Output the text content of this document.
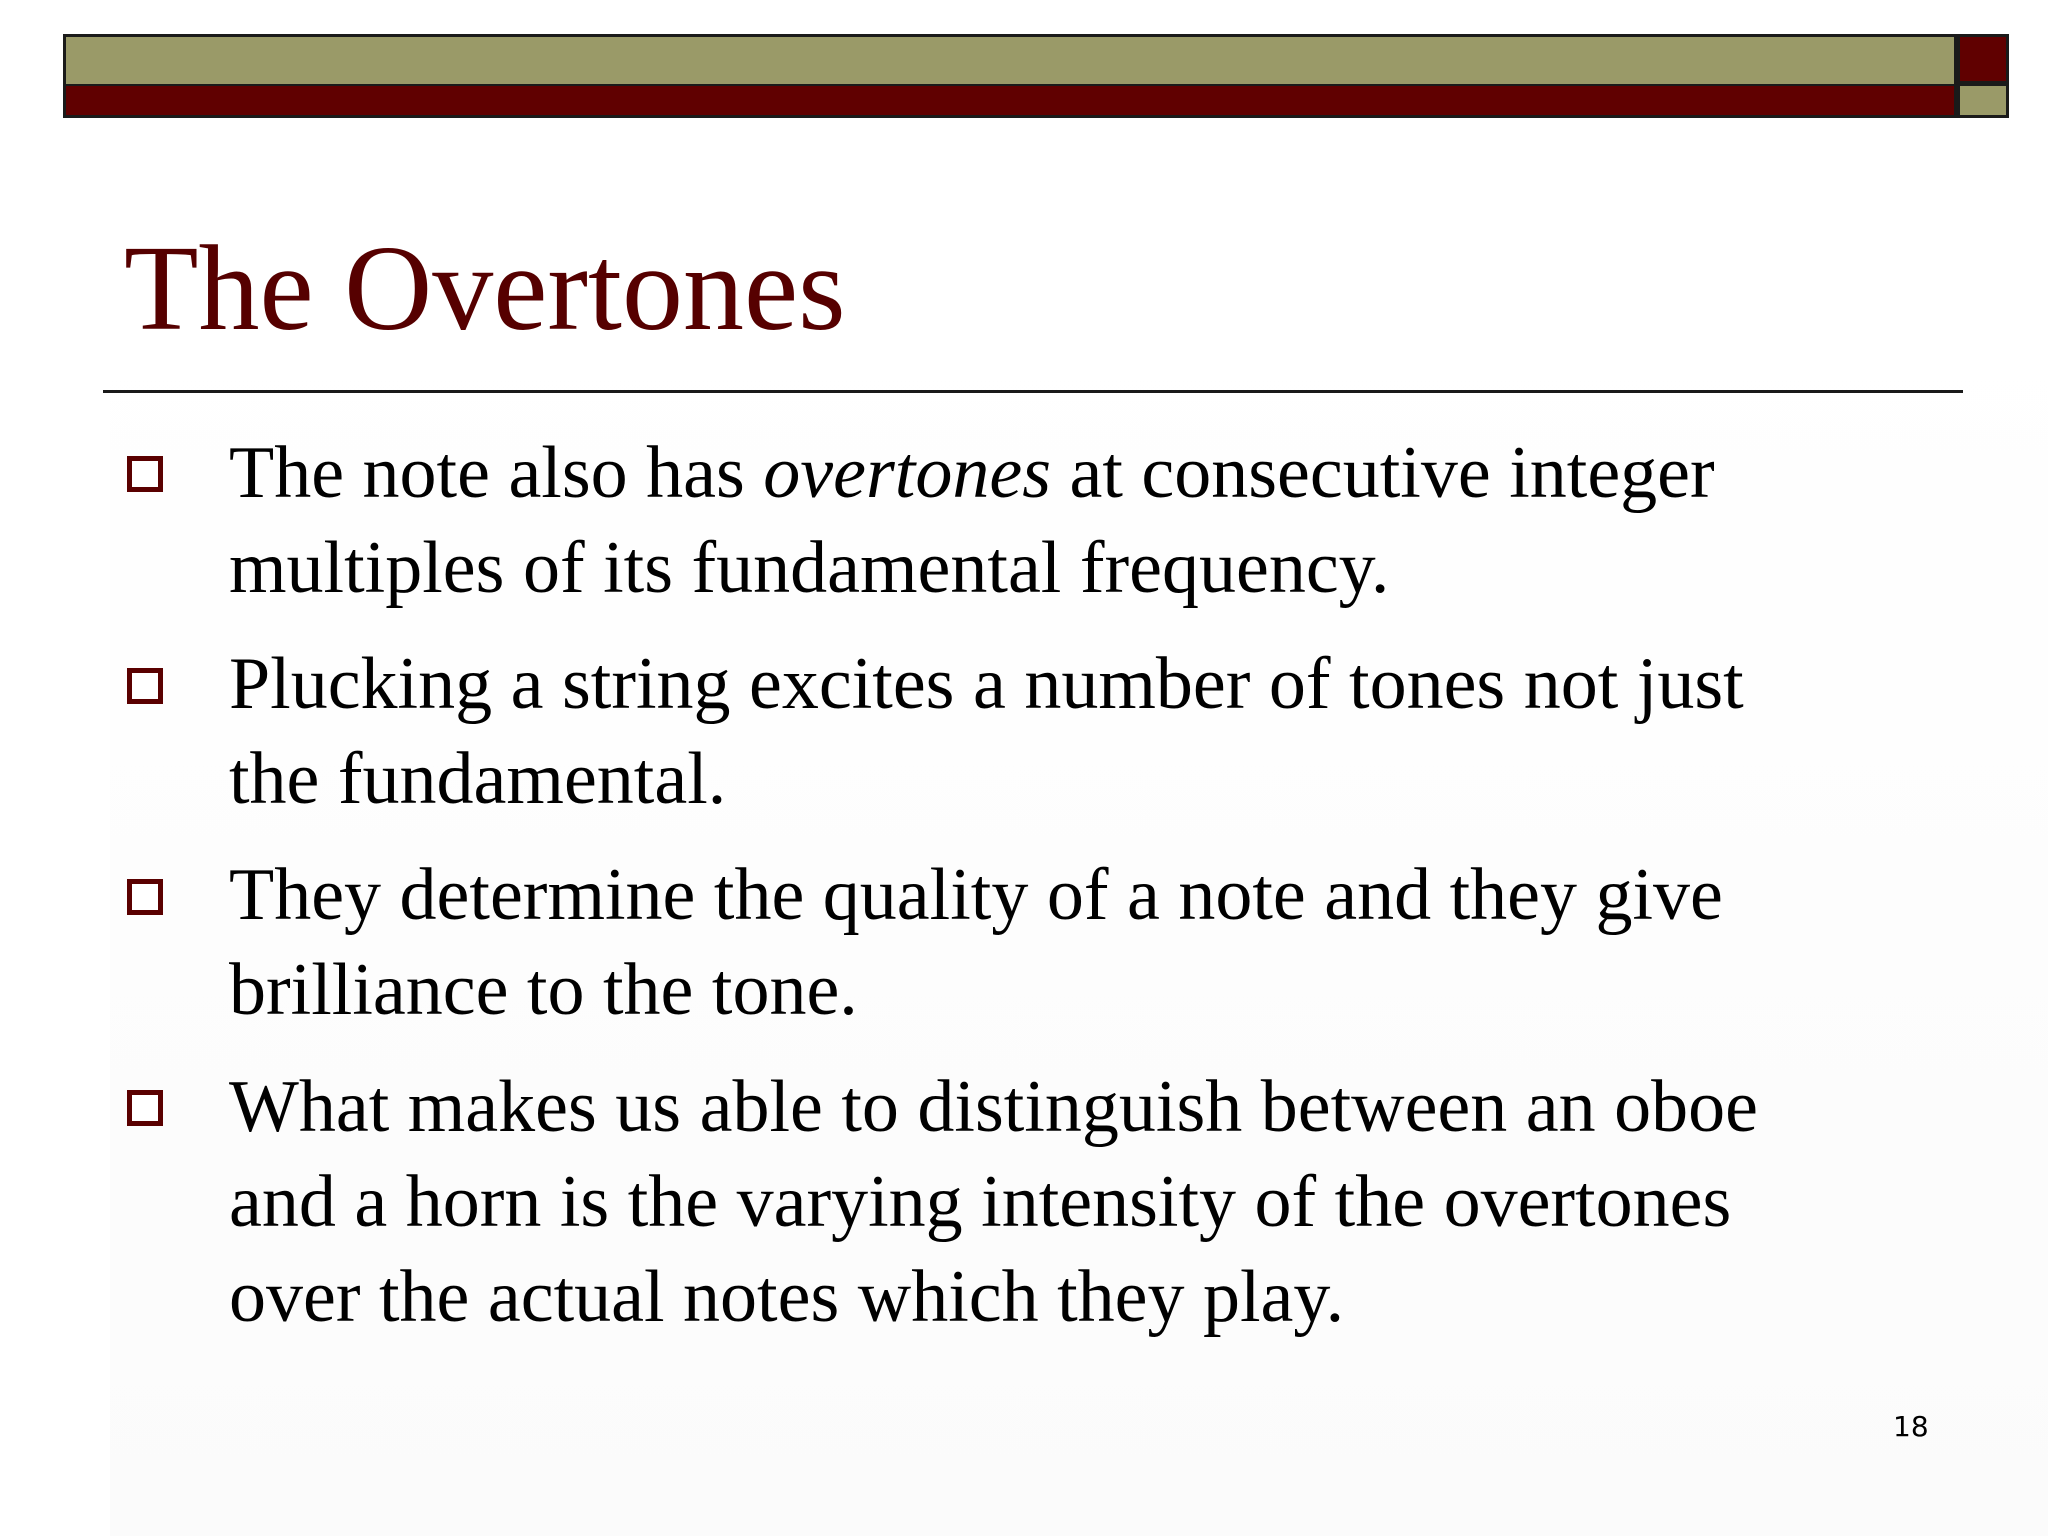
The Overtones
The note also has overtones at consecutive integer
multiples of its fundamental frequency.
Plucking a string excites a number of tones not just
the fundamental.
They determine the quality of a note and they give
brilliance to the tone.
What makes us able to distinguish between an oboe
and a horn is the varying intensity of the overtones
over the actual notes which they play.
18
